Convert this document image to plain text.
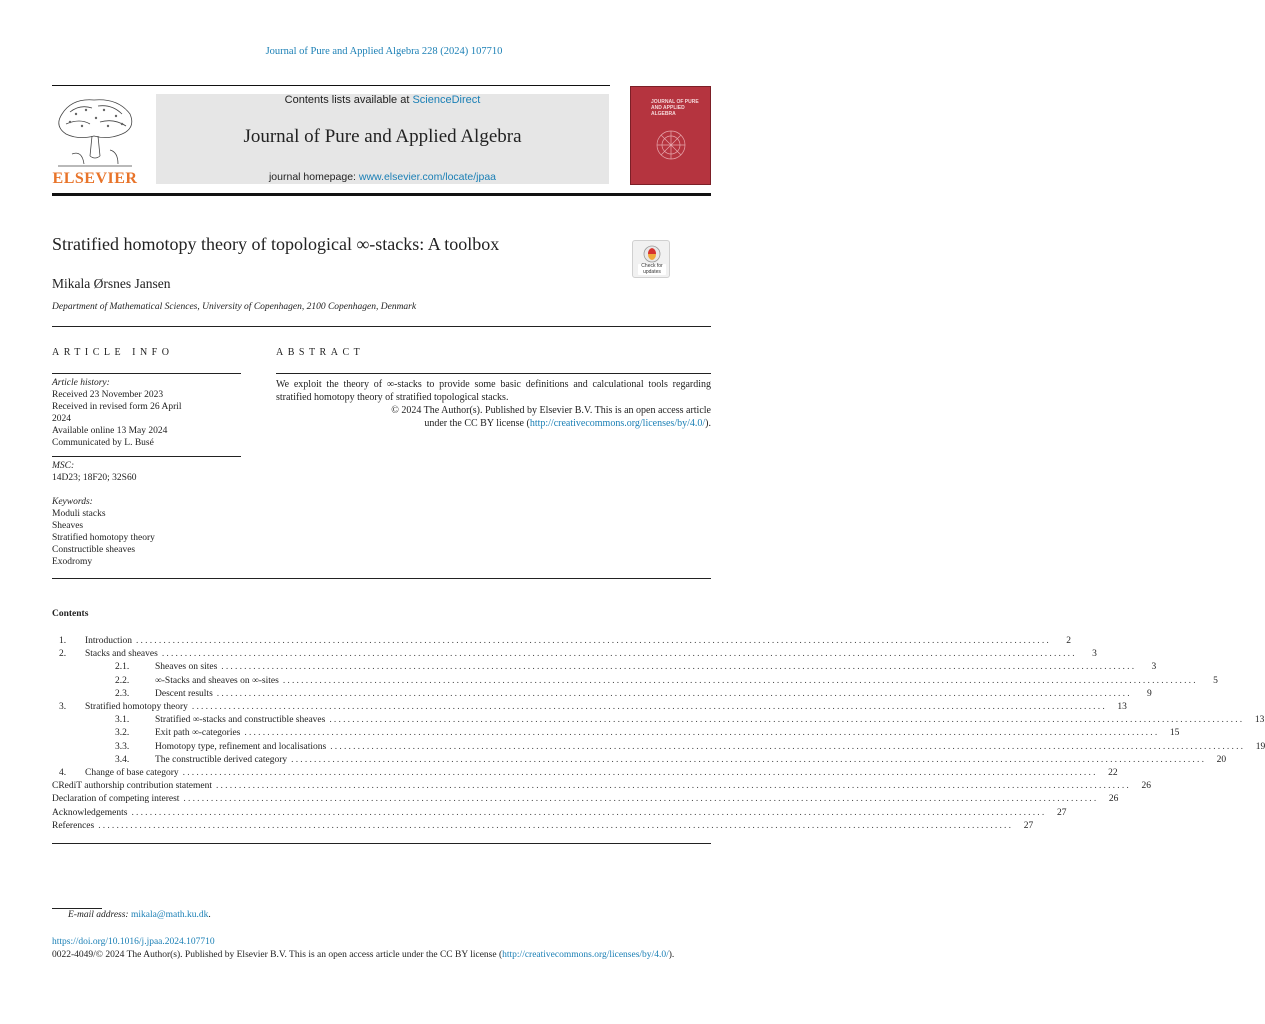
Journal of Pure and Applied Algebra 228 (2024) 107710
ELSEVIER
Contents lists available at ScienceDirect
Journal of Pure and Applied Algebra
journal homepage: www.elsevier.com/locate/jpaa
JOURNAL OF PURE AND APPLIED ALGEBRA
Stratified homotopy theory of topological ∞-stacks: A toolbox
Check for updates
Mikala Ørsnes Jansen
Department of Mathematical Sciences, University of Copenhagen, 2100 Copenhagen, Denmark
ARTICLE INFO
Article history:
Received 23 November 2023
Received in revised form 26 April
2024
Available online 13 May 2024
Communicated by L. Busé
MSC:
14D23; 18F20; 32S60
Keywords:
Moduli stacks
Sheaves
Stratified homotopy theory
Constructible sheaves
Exodromy
ABSTRACT
We exploit the theory of ∞-stacks to provide some basic definitions and calculational tools regarding stratified homotopy theory of stratified topological stacks.
© 2024 The Author(s). Published by Elsevier B.V. This is an open access article
under the CC BY license (http://creativecommons.org/licenses/by/4.0/).
Contents
1.	Introduction ........................................................................................................................................................................................................	2
2.	Stacks and sheaves ........................................................................................................................................................................................................	3
2.1.	Sheaves on sites ........................................................................................................................................................................................................	3
2.2.	∞-Stacks and sheaves on ∞-sites ........................................................................................................................................................................................................	5
2.3.	Descent results ........................................................................................................................................................................................................	9
3.	Stratified homotopy theory ........................................................................................................................................................................................................	13
3.1.	Stratified ∞-stacks and constructible sheaves ........................................................................................................................................................................................................	13
3.2.	Exit path ∞-categories ........................................................................................................................................................................................................	15
3.3.	Homotopy type, refinement and localisations ........................................................................................................................................................................................................	19
3.4.	The constructible derived category ........................................................................................................................................................................................................	20
4.	Change of base category ........................................................................................................................................................................................................	22
CRediT authorship contribution statement ........................................................................................................................................................................................................	26
Declaration of competing interest ........................................................................................................................................................................................................	26
Acknowledgements ........................................................................................................................................................................................................	27
References ........................................................................................................................................................................................................	27
E-mail address: mikala@math.ku.dk.
https://doi.org/10.1016/j.jpaa.2024.107710
0022-4049/© 2024 The Author(s). Published by Elsevier B.V. This is an open access article under the CC BY license (http://creativecommons.org/licenses/by/4.0/).
